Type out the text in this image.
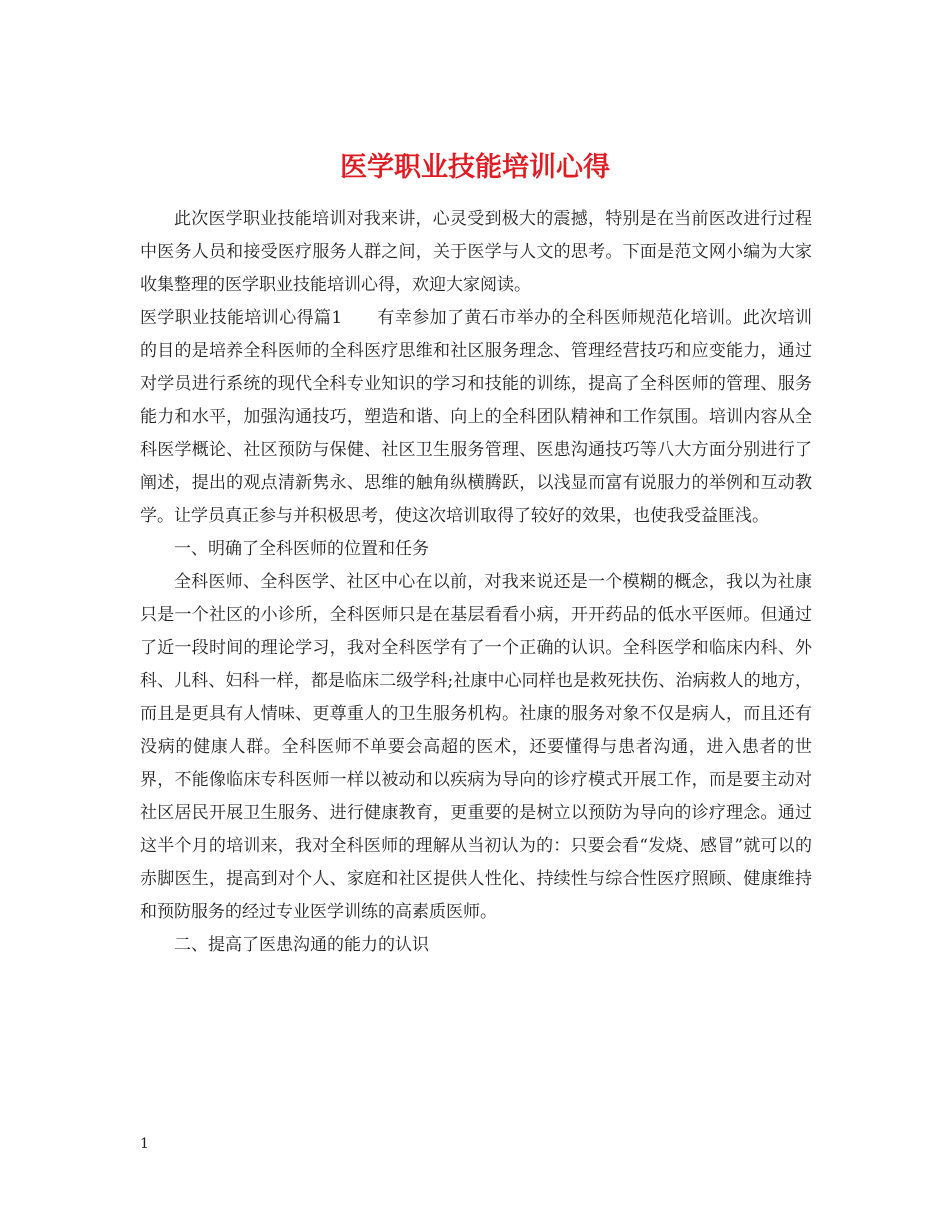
医学职业技能培训心得

此次医学职业技能培训对我来讲，心灵受到极大的震撼，特别是在当前医改进行过程中医务人员和接受医疗服务人群之间，关于医学与人文的思考。下面是范文网小编为大家收集整理的医学职业技能培训心得，欢迎大家阅读。

医学职业技能培训心得篇1　　有幸参加了黄石市举办的全科医师规范化培训。此次培训的目的是培养全科医师的全科医疗思维和社区服务理念、管理经营技巧和应变能力，通过对学员进行系统的现代全科专业知识的学习和技能的训练，提高了全科医师的管理、服务能力和水平，加强沟通技巧，塑造和谐、向上的全科团队精神和工作氛围。培训内容从全科医学概论、社区预防与保健、社区卫生服务管理、医患沟通技巧等八大方面分别进行了阐述，提出的观点清新隽永、思维的触角纵横腾跃，以浅显而富有说服力的举例和互动教学。让学员真正参与并积极思考，使这次培训取得了较好的效果，也使我受益匪浅。

一、明确了全科医师的位置和任务

全科医师、全科医学、社区中心在以前，对我来说还是一个模糊的概念，我以为社康只是一个社区的小诊所，全科医师只是在基层看看小病，开开药品的低水平医师。但通过了近一段时间的理论学习，我对全科医学有了一个正确的认识。全科医学和临床内科、外科、儿科、妇科一样，都是临床二级学科;社康中心同样也是救死扶伤、治病救人的地方，而且是更具有人情味、更尊重人的卫生服务机构。社康的服务对象不仅是病人，而且还有没病的健康人群。全科医师不单要会高超的医术，还要懂得与患者沟通，进入患者的世界，不能像临床专科医师一样以被动和以疾病为导向的诊疗模式开展工作，而是要主动对社区居民开展卫生服务、进行健康教育，更重要的是树立以预防为导向的诊疗理念。通过这半个月的培训来，我对全科医师的理解从当初认为的：只要会看“发烧、感冒”就可以的赤脚医生，提高到对个人、家庭和社区提供人性化、持续性与综合性医疗照顾、健康维持和预防服务的经过专业医学训练的高素质医师。

二、提高了医患沟通的能力的认识

1
